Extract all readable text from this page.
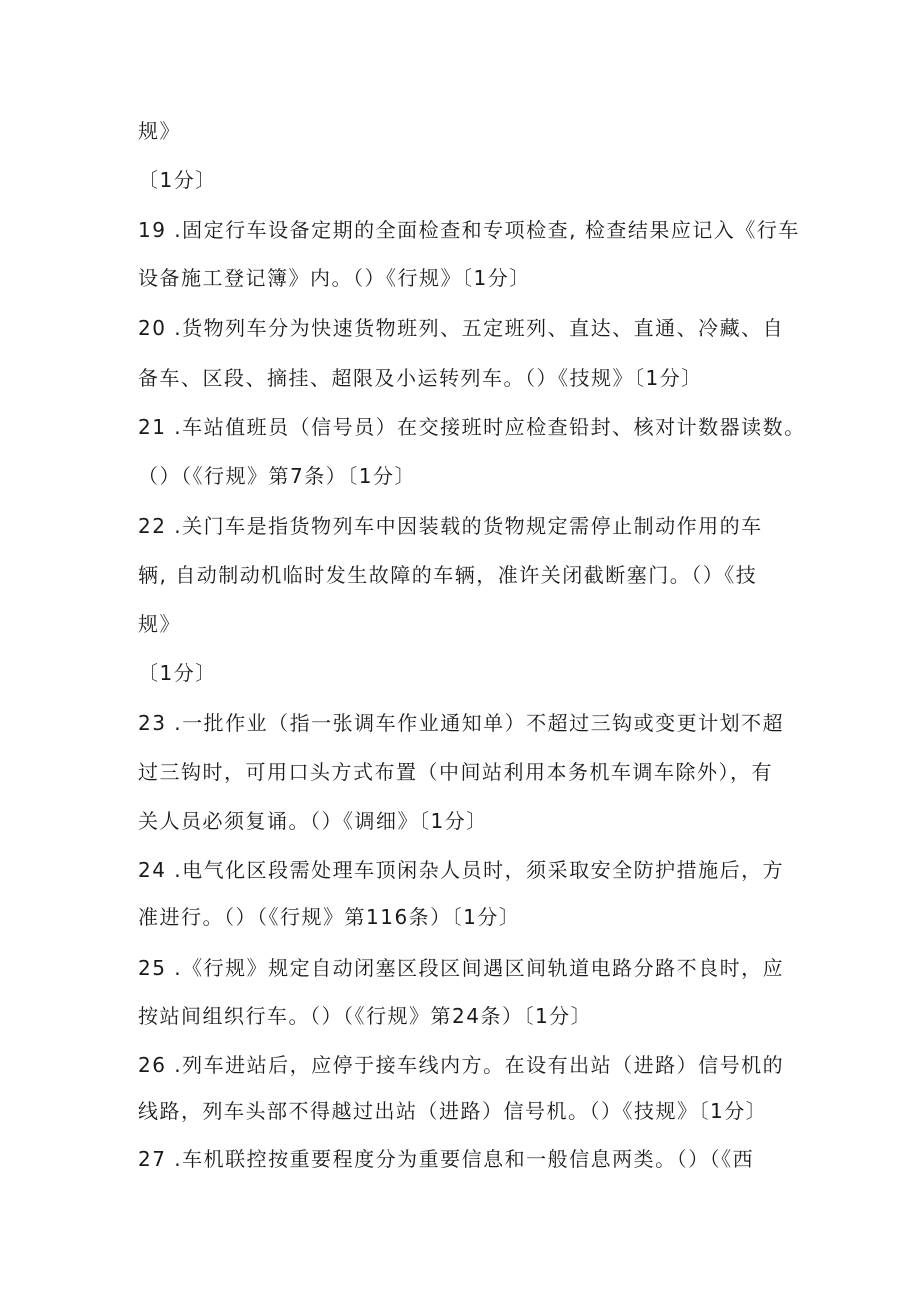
规》
〔1分〕
19 .固定行车设备定期的全面检查和专项检查, 检查结果应记入《行车
设备施工登记簿》内。（）《行规》〔1分〕
20 .货物列车分为快速货物班列、五定班列、直达、直通、冷藏、自
备车、区段、摘挂、超限及小运转列车。（）《技规》〔1分〕
21 .车站值班员（信号员）在交接班时应检查铅封、核对计数器读数。
（）（《行规》第7条）〔1分〕
22 .关门车是指货物列车中因装载的货物规定需停止制动作用的车
辆, 自动制动机临时发生故障的车辆，准许关闭截断塞门。（）《技
规》
〔1分〕
23 .一批作业（指一张调车作业通知单）不超过三钩或变更计划不超
过三钩时，可用口头方式布置（中间站利用本务机车调车除外），有
关人员必须复诵。（）《调细》〔1分〕
24 .电气化区段需处理车顶闲杂人员时，须采取安全防护措施后，方
准进行。（）（《行规》第116条）〔1分〕
25 .《行规》规定自动闭塞区段区间遇区间轨道电路分路不良时，应
按站间组织行车。（）（《行规》第24条）〔1分〕
26 .列车进站后，应停于接车线内方。在设有出站（进路）信号机的
线路，列车头部不得越过出站（进路）信号机。（）《技规》〔1分〕
27 .车机联控按重要程度分为重要信息和一般信息两类。（）（《西
